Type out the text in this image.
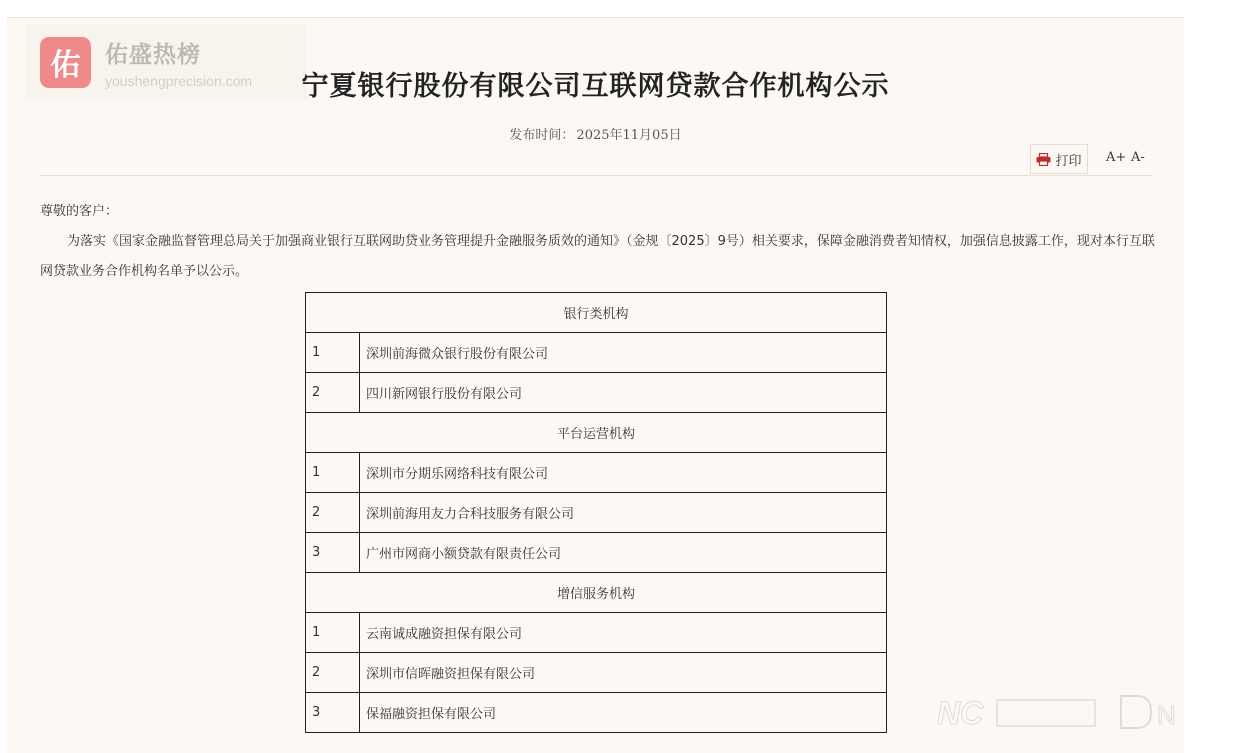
佑	佑盛热榜
youshengprecision.com	宁夏银行股份有限公司互联网贷款合作机构公示
发布时间： 2025年11月05日
打印 A+ A-

尊敬的客户：

为落实《国家金融监督管理总局关于加强商业银行互联网助贷业务管理提升金融服务质效的通知》（金规〔2025〕9号）相关要求，保障金融消费者知情权，加强信息披露工作，现对本行互联网贷款业务合作机构名单予以公示。

银行类机构	
1	深圳前海微众银行股份有限公司
2	四川新网银行股份有限公司
平台运营机构	
1	深圳市分期乐网络科技有限公司
2	深圳前海用友力合科技服务有限公司
3	广州市网商小额贷款有限责任公司
增信服务机构	
1	云南诚成融资担保有限公司
2	深圳市信晖融资担保有限公司
3	保福融资担保有限公司	NC	N
